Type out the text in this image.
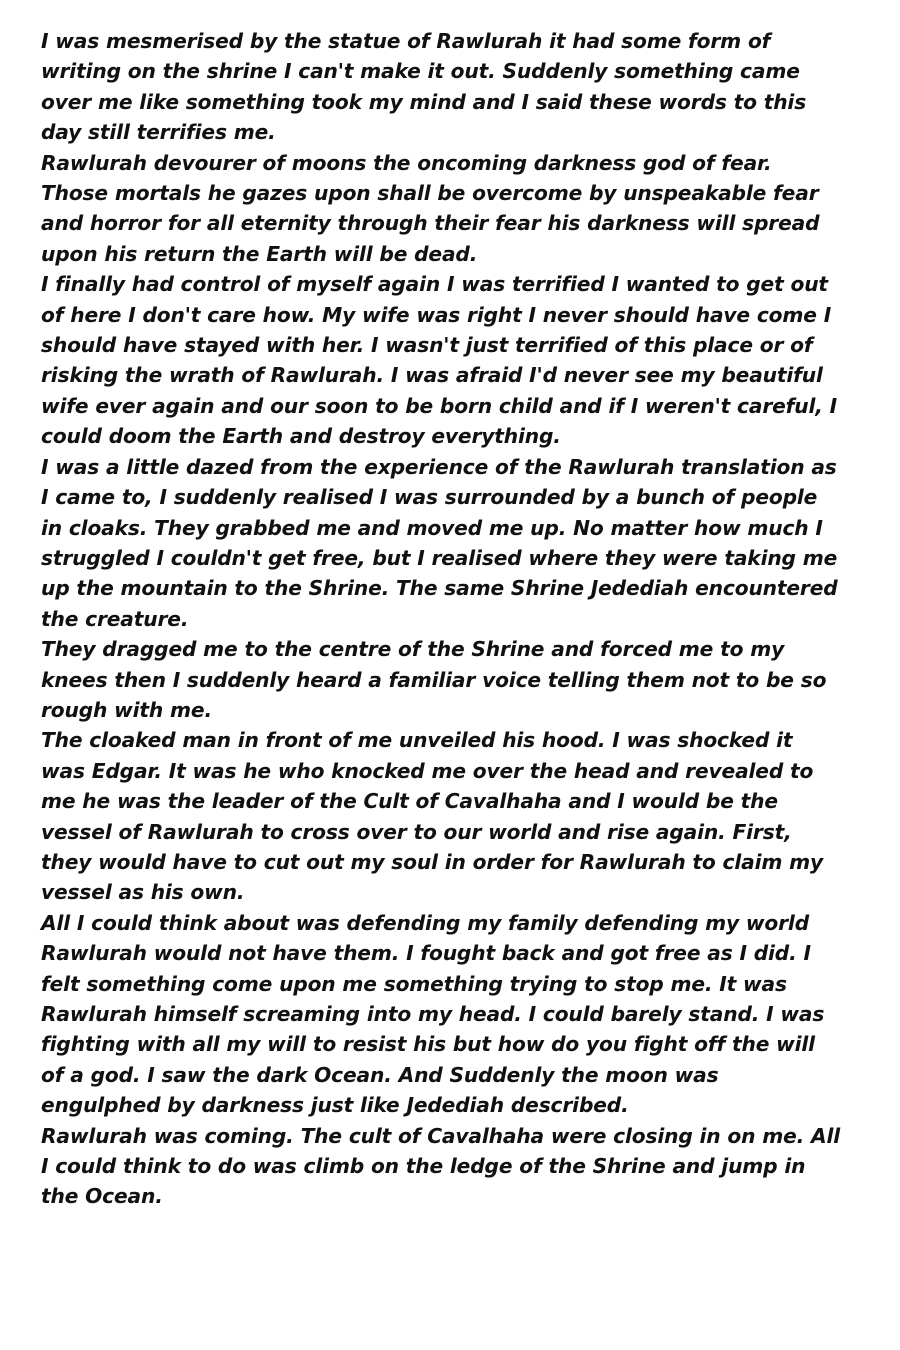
I was mesmerised by the statue of Rawlurah it had some form of writing on the shrine I can't make it out. Suddenly something came over me like something took my mind and I said these words to this day still terrifies me.

Rawlurah devourer of moons the oncoming darkness god of fear. Those mortals he gazes upon shall be overcome by unspeakable fear and horror for all eternity through their fear his darkness will spread upon his return the Earth will be dead.

I finally had control of myself again I was terrified I wanted to get out of here I don't care how. My wife was right I never should have come I should have stayed with her. I wasn't just terrified of this place or of risking the wrath of Rawlurah. I was afraid I'd never see my beautiful wife ever again and our soon to be born child and if I weren't careful, I could doom the Earth and destroy everything.

I was a little dazed from the experience of the Rawlurah translation as I came to, I suddenly realised I was surrounded by a bunch of people in cloaks. They grabbed me and moved me up. No matter how much I struggled I couldn't get free, but I realised where they were taking me up the mountain to the Shrine. The same Shrine Jedediah encountered the creature.

They dragged me to the centre of the Shrine and forced me to my knees then I suddenly heard a familiar voice telling them not to be so rough with me.

The cloaked man in front of me unveiled his hood. I was shocked it was Edgar. It was he who knocked me over the head and revealed to me he was the leader of the Cult of Cavalhaha and I would be the vessel of Rawlurah to cross over to our world and rise again. First, they would have to cut out my soul in order for Rawlurah to claim my vessel as his own.

All I could think about was defending my family defending my world Rawlurah would not have them. I fought back and got free as I did. I felt something come upon me something trying to stop me. It was Rawlurah himself screaming into my head. I could barely stand. I was fighting with all my will to resist his but how do you fight off the will of a god. I saw the dark Ocean. And Suddenly the moon was engulphed by darkness just like Jedediah described.

Rawlurah was coming. The cult of Cavalhaha were closing in on me. All I could think to do was climb on the ledge of the Shrine and jump in the Ocean.
